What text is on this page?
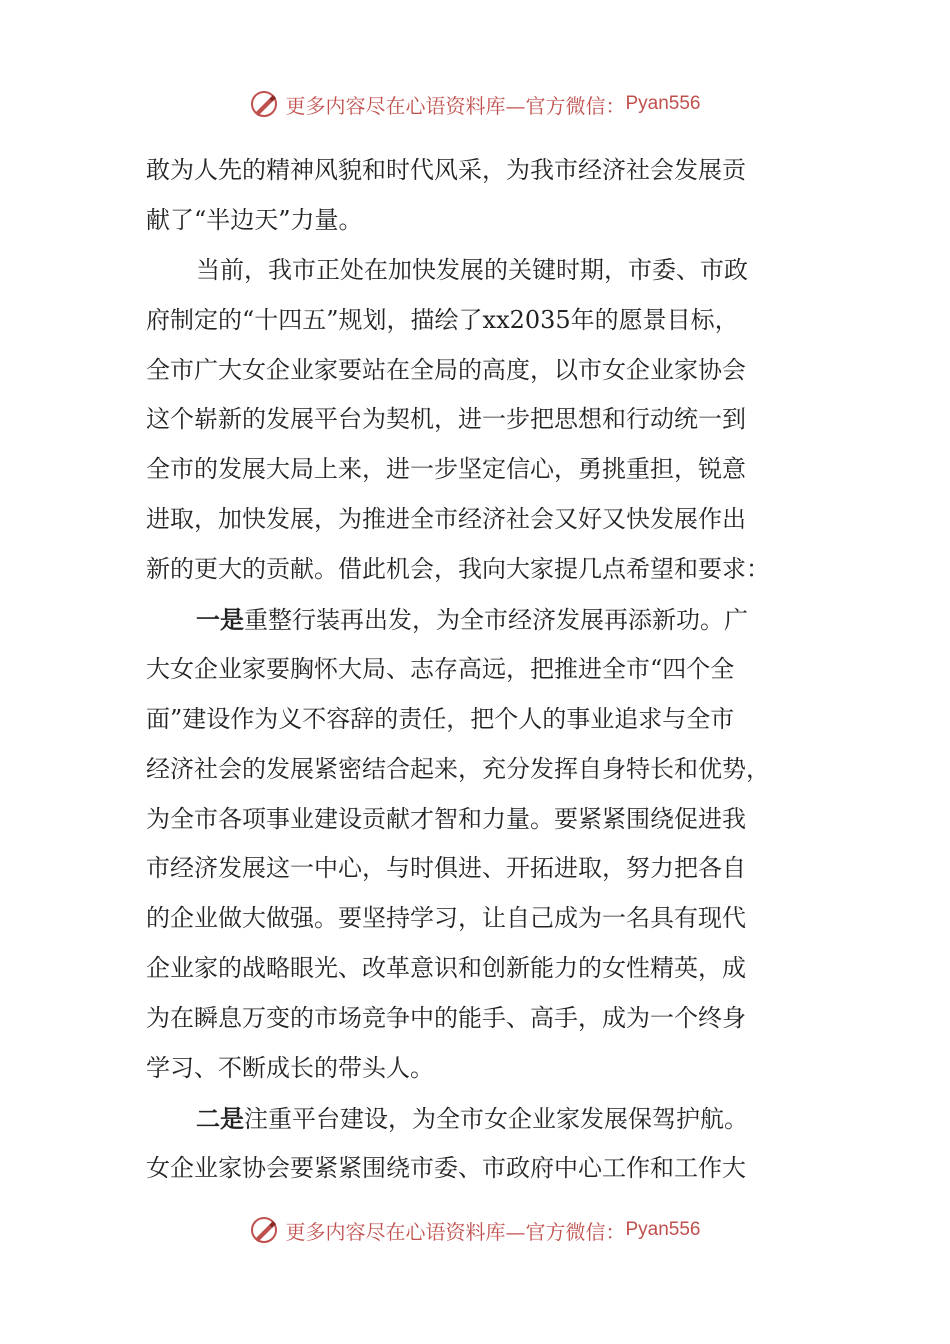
更多内容尽在心语资料库—官方微信： Pyan556
敢为人先的精神风貌和时代风采，为我市经济社会发展贡
献了“半边天”力量。
当前，我市正处在加快发展的关键时期，市委、市政
府制定的“十四五”规划，描绘了xx2035年的愿景目标，
全市广大女企业家要站在全局的高度，以市女企业家协会
这个崭新的发展平台为契机，进一步把思想和行动统一到
全市的发展大局上来，进一步坚定信心，勇挑重担，锐意
进取，加快发展，为推进全市经济社会又好又快发展作出
新的更大的贡献。借此机会，我向大家提几点希望和要求：
一是重整行装再出发，为全市经济发展再添新功。广
大女企业家要胸怀大局、志存高远，把推进全市“四个全
面”建设作为义不容辞的责任，把个人的事业追求与全市
经济社会的发展紧密结合起来，充分发挥自身特长和优势，
为全市各项事业建设贡献才智和力量。要紧紧围绕促进我
市经济发展这一中心，与时俱进、开拓进取，努力把各自
的企业做大做强。要坚持学习，让自己成为一名具有现代
企业家的战略眼光、改革意识和创新能力的女性精英，成
为在瞬息万变的市场竞争中的能手、高手，成为一个终身
学习、不断成长的带头人。
二是注重平台建设，为全市女企业家发展保驾护航。
女企业家协会要紧紧围绕市委、市政府中心工作和工作大
更多内容尽在心语资料库—官方微信： Pyan556
